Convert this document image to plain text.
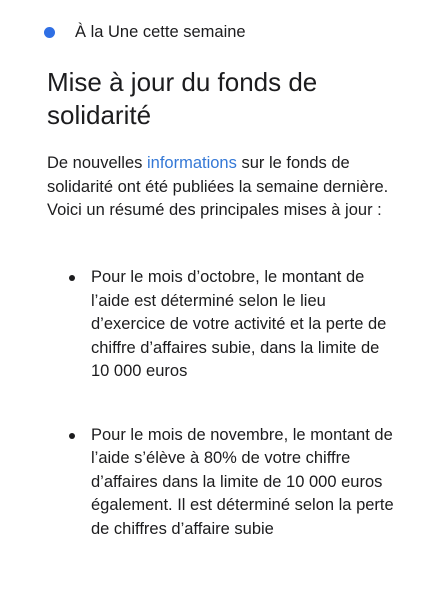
À la Une cette semaine
Mise à jour du fonds de solidarité

De nouvelles informations sur le fonds de solidarité ont été publiées la semaine dernière. Voici un résumé des principales mises à jour :

Pour le mois d’octobre, le montant de l’aide est déterminé selon le lieu d’exercice de votre activité et la perte de chiffre d’affaires subie, dans la limite de 10 000 euros
Pour le mois de novembre, le montant de l’aide s’élève à 80% de votre chiffre d’affaires dans la limite de 10 000 euros également. Il est déterminé selon la perte de chiffres d’affaire subie
